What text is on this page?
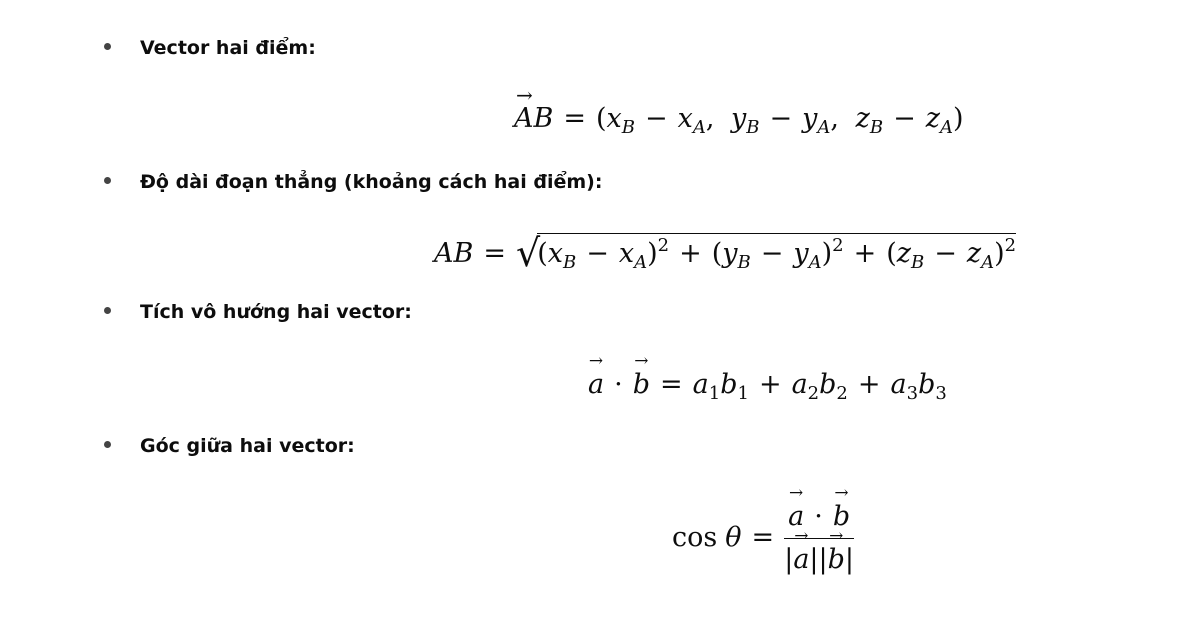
Vector hai điểm:
→ AB = ($x_B - x_A$, $y_B - y_A$, $z_B - z_A$)
Độ dài đoạn thẳng (khoảng cách hai điểm):
AB = $√(x_B - x_A)^2 + (y_B - y_A)^2 + (z_B - z_A)^2$
Tích vô hướng hai vector:
→ $a \cdot\to b = a_1b_1 + a_2b_2 + a_3b_3$
Góc giữa hai vector:
cos θ =
→ $\frac{a \cdot\to b}{|\to a||\to b|}$
